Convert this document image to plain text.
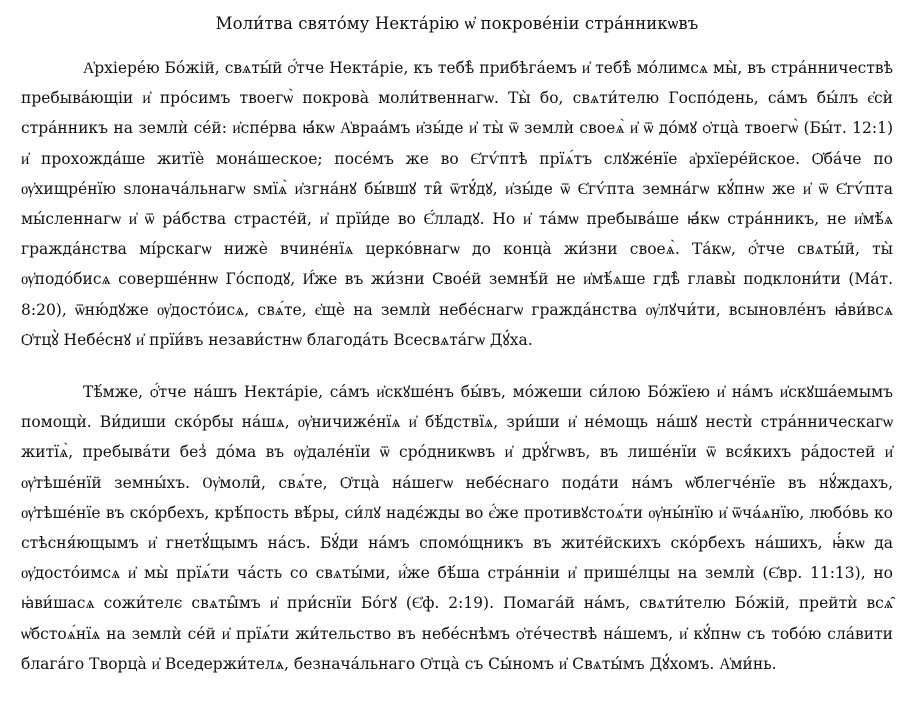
Моли́тва свято́му Некта́рію ѡ҆ покрове́ніи стра́нникѡвъ

А҆рхіере́ю Бо́жій, свѧты́й ѻ҆́тче Некта́ріе, къ тебѣ̀ прибѣга́емъ и҆ тебѣ̀ мо́лимсѧ мы̀, въ стра́нничествѣ пребыва́ющіи и҆ про́симъ твоегѡ̀ покрова̀ моли́твеннагѡ. Ты̀ бо, свѧти́телю Госпо́день, са́мъ бы́лъ є҆сѝ стра́нникъ на землѝ се́й: и҆спе́рва ꙗ҆́кѡ А҆враа́мъ и҆зы́де и҆ ты̀ ѿ землѝ своеѧ̀ и҆ ѿ до́мꙋ ѻ҆тца̀ твоегѡ̀ (Бы́т. 12:1) и҆ прохожда́ше житїѐ мона́шеское; посе́мъ же во Є҆гѵ́птѣ прїѧ́тъ слꙋже́нїе а҆рхїере́йское. Ѻ҆ба́че по ѹ҆хищре́нїю ѕлонача́льнагѡ ѕмїѧ̀ и҆згна́нꙋ бы́вшꙋ ти̑ ѿтꙋ́дꙋ, и҆зы́де ѿ Є҆гѵ́пта земна́гѡ кꙋ́пнѡ же и҆ ѿ Є҆гѵ́пта мы́сленнагѡ и҆ ѿ ра́бства страсте́й, и҆ прїи́де во Є҆́лладꙋ. Но и҆ та́мѡ пребыва́ше ꙗ҆́кѡ стра́нникъ, не и҆мѣ́ѧ гражда́нства мі́рскагѡ нижѐ вчине́нїѧ церко́внагѡ до конца̀ жи́зни своеѧ̀. Та́кѡ, ѻ҆́тче свѧты́й, ты̀ ѹ҆подо́бисѧ соверше́ннѡ Го́сподꙋ, И҆́же въ жи́зни Свое́й земнѣ́й не и҆мѣ́ѧше гдѣ̀ главы̀ подклони́ти (Ма́т. 8:20), ѿню́дꙋже ѹ҆досто́исѧ, свѧ́те, є҆щѐ на землѝ небе́снагѡ гражда́нства ѹ҆лꙋчи́ти, всыновле́нъ ꙗ҆ви́всѧ Ѻ҆тцꙋ̀ Небе́снꙋ и҆ прїи́въ незави́стнѡ благода́ть Всесвѧта́гѡ Дꙋ́ха.

Тѣ́мже, ѻ҆́тче на́шъ Некта́ріе, са́мъ и҆скꙋше́нъ бы́въ, мо́жеши си́лою Бо́жїею и҆ на́мъ и҆скꙋша́емымъ помощѝ. Ви́диши ско́рбы на́шѧ, ѹ҆ничиже́нїѧ и҆ бѣ́дствїѧ, зри́ши и҆ не́мощь на́шꙋ нестѝ стра́нническагѡ житїѧ̀, пребыва́ти без̾ до́ма въ ѹ҆дале́нїи ѿ сро́дникѡвъ и҆ дрꙋ́гѡвъ, въ лише́нїи ѿ вся́кихъ ра́достей и҆ ѹ҆тѣше́нїй земны́хъ. Ѹ҆моли̑, свѧ́те, Ѻ҆тца̀ на́шегѡ небе́снаго пода́ти на́мъ ѡ҆блегче́нїе въ нꙋ́ждахъ, ѹ҆тѣше́нїе въ ско́рбехъ, крѣ́пость вѣ́ры, си́лꙋ надє́жды во є҆́же противꙋстоѧ́ти ѹ҆ны́нїю и҆ ѿча́ѧнїю, любо́вь ко стѣсня́ющымъ и҆ гнетꙋ́щымъ на́съ. Бꙋ́ди на́мъ спомо́щникъ въ жите́йскихъ ско́рбехъ на́шихъ, ꙗ҆́кѡ да ѹ҆досто́имсѧ и҆ мы̀ прїѧ́ти ча́сть со свѧты́ми, и҆́же бѣ́ша стра́нніи и҆ прише́лцы на землѝ (Є҆вр. 11:13), но ꙗ҆ви́шасѧ сожи́телє свѧты̑мъ и҆ при́снїи Бо́гꙋ (Є҆ф. 2:19). Помага́й на́мъ, свѧти́телю Бо́жій, прейтѝ всѧ̑ ѡ҆бстоѧ́нїѧ на землѝ се́й и҆ прїѧ́ти жи́тельство въ небе́снѣмъ ѻ҆те́чествѣ на́шемъ, и҆ кꙋ́пнѡ съ тобо́ю сла́вити блага́го Творца̀ и҆ Вседержи́телѧ, безнача́льнаго Ѻ҆тца̀ съ Сы́номъ и҆ Свѧты́мъ Дꙋ́хомъ. А҆ми́нь.
